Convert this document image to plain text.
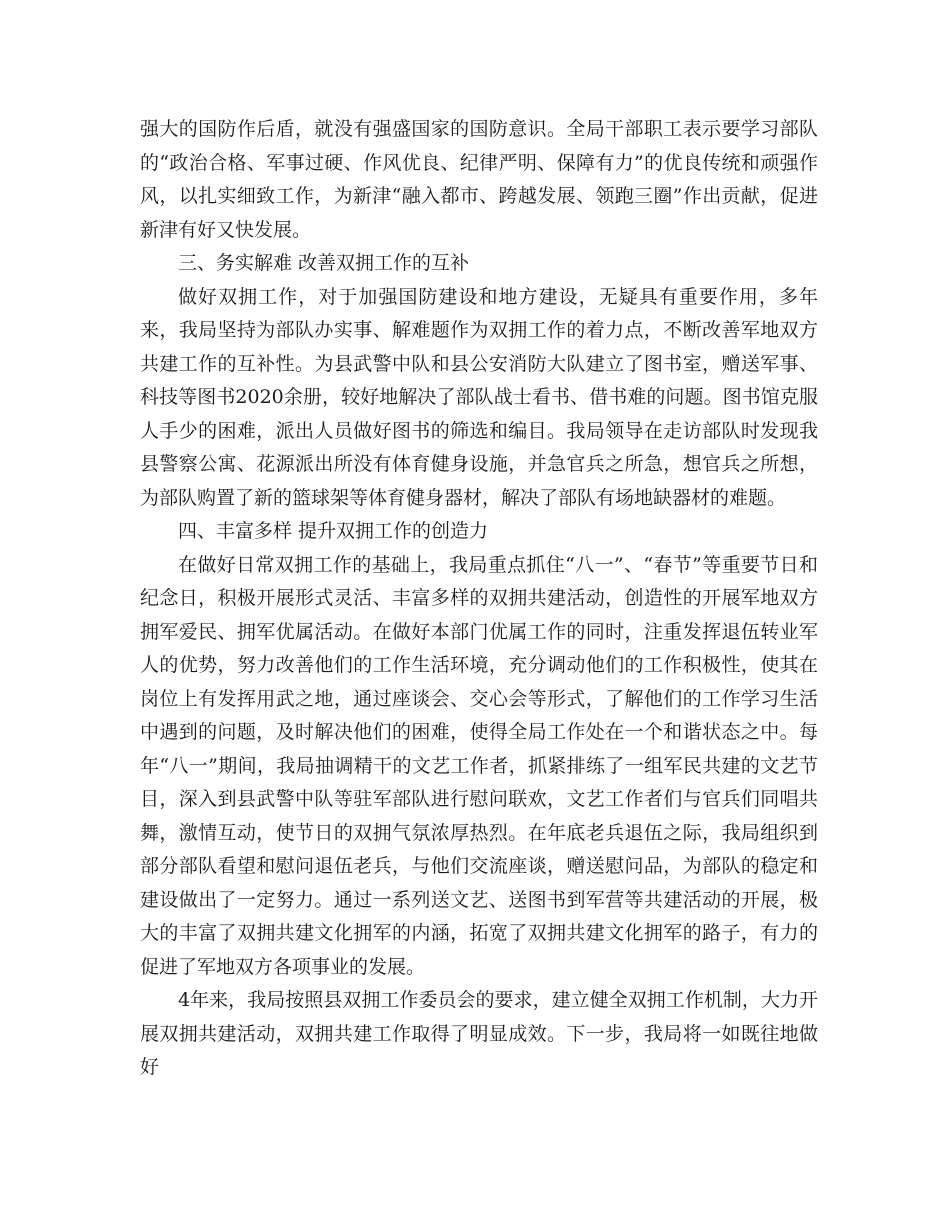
强大的国防作后盾，就没有强盛国家的国防意识。全局干部职工表示要学习部队的“政治合格、军事过硬、作风优良、纪律严明、保障有力”的优良传统和顽强作风，以扎实细致工作，为新津“融入都市、跨越发展、领跑三圈”作出贡献，促进新津有好又快发展。

三、务实解难 改善双拥工作的互补

做好双拥工作，对于加强国防建设和地方建设，无疑具有重要作用，多年来，我局坚持为部队办实事、解难题作为双拥工作的着力点，不断改善军地双方共建工作的互补性。为县武警中队和县公安消防大队建立了图书室，赠送军事、科技等图书2020余册，较好地解决了部队战士看书、借书难的问题。图书馆克服人手少的困难，派出人员做好图书的筛选和编目。我局领导在走访部队时发现我县警察公寓、花源派出所没有体育健身设施，并急官兵之所急，想官兵之所想，为部队购置了新的篮球架等体育健身器材，解决了部队有场地缺器材的难题。

四、丰富多样 提升双拥工作的创造力

在做好日常双拥工作的基础上，我局重点抓住“八一”、“春节”等重要节日和纪念日，积极开展形式灵活、丰富多样的双拥共建活动，创造性的开展军地双方拥军爱民、拥军优属活动。在做好本部门优属工作的同时，注重发挥退伍转业军人的优势，努力改善他们的工作生活环境，充分调动他们的工作积极性，使其在岗位上有发挥用武之地，通过座谈会、交心会等形式，了解他们的工作学习生活中遇到的问题，及时解决他们的困难，使得全局工作处在一个和谐状态之中。每年“八一”期间，我局抽调精干的文艺工作者，抓紧排练了一组军民共建的文艺节目，深入到县武警中队等驻军部队进行慰问联欢，文艺工作者们与官兵们同唱共舞，激情互动，使节日的双拥气氛浓厚热烈。在年底老兵退伍之际，我局组织到部分部队看望和慰问退伍老兵，与他们交流座谈，赠送慰问品，为部队的稳定和建设做出了一定努力。通过一系列送文艺、送图书到军营等共建活动的开展，极大的丰富了双拥共建文化拥军的内涵，拓宽了双拥共建文化拥军的路子，有力的促进了军地双方各项事业的发展。

4年来，我局按照县双拥工作委员会的要求，建立健全双拥工作机制，大力开展双拥共建活动，双拥共建工作取得了明显成效。下一步，我局将一如既往地做好
